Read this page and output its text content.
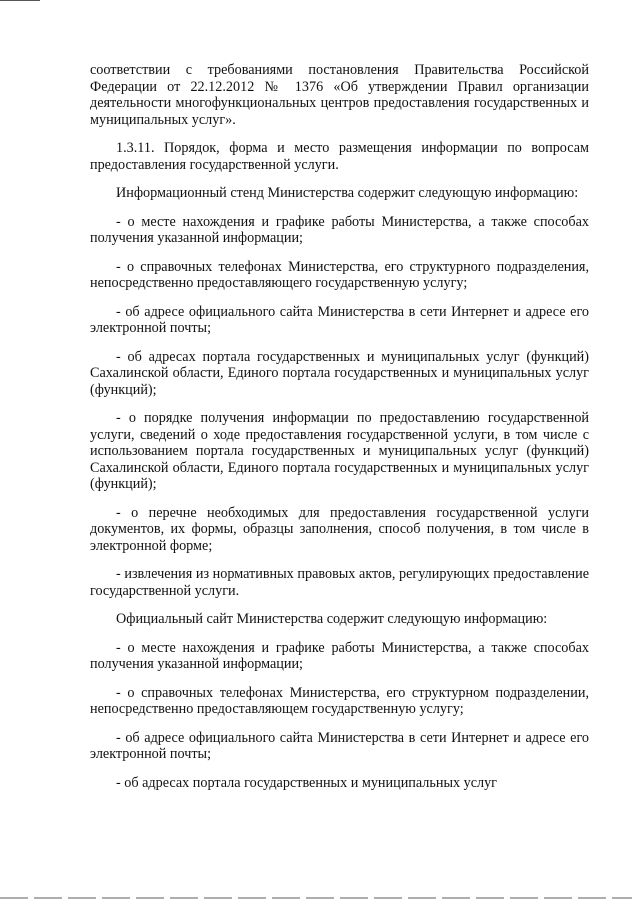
соответствии с требованиями постановления Правительства Российской Федерации от 22.12.2012 № 1376 «Об утверждении Правил организации деятельности многофункциональных центров предоставления государственных и муниципальных услуг».

1.3.11. Порядок, форма и место размещения информации по вопросам предоставления государственной услуги.

Информационный стенд Министерства содержит следующую информацию:

- о месте нахождения и графике работы Министерства, а также способах получения указанной информации;

- о справочных телефонах Министерства, его структурного подразделения, непосредственно предоставляющего государственную услугу;

- об адресе официального сайта Министерства в сети Интернет и адресе его электронной почты;

- об адресах портала государственных и муниципальных услуг (функций) Сахалинской области, Единого портала государственных и муниципальных услуг (функций);

- о порядке получения информации по предоставлению государственной услуги, сведений о ходе предоставления государственной услуги, в том числе с использованием портала государственных и муниципальных услуг (функций) Сахалинской области, Единого портала государственных и муниципальных услуг (функций);

- о перечне необходимых для предоставления государственной услуги документов, их формы, образцы заполнения, способ получения, в том числе в электронной форме;

- извлечения из нормативных правовых актов, регулирующих предоставление государственной услуги.

Официальный сайт Министерства содержит следующую информацию:

- о месте нахождения и графике работы Министерства, а также способах получения указанной информации;

- о справочных телефонах Министерства, его структурном подразделении, непосредственно предоставляющем государственную услугу;

- об адресе официального сайта Министерства в сети Интернет и адресе его электронной почты;

- об адресах портала государственных и муниципальных услуг
